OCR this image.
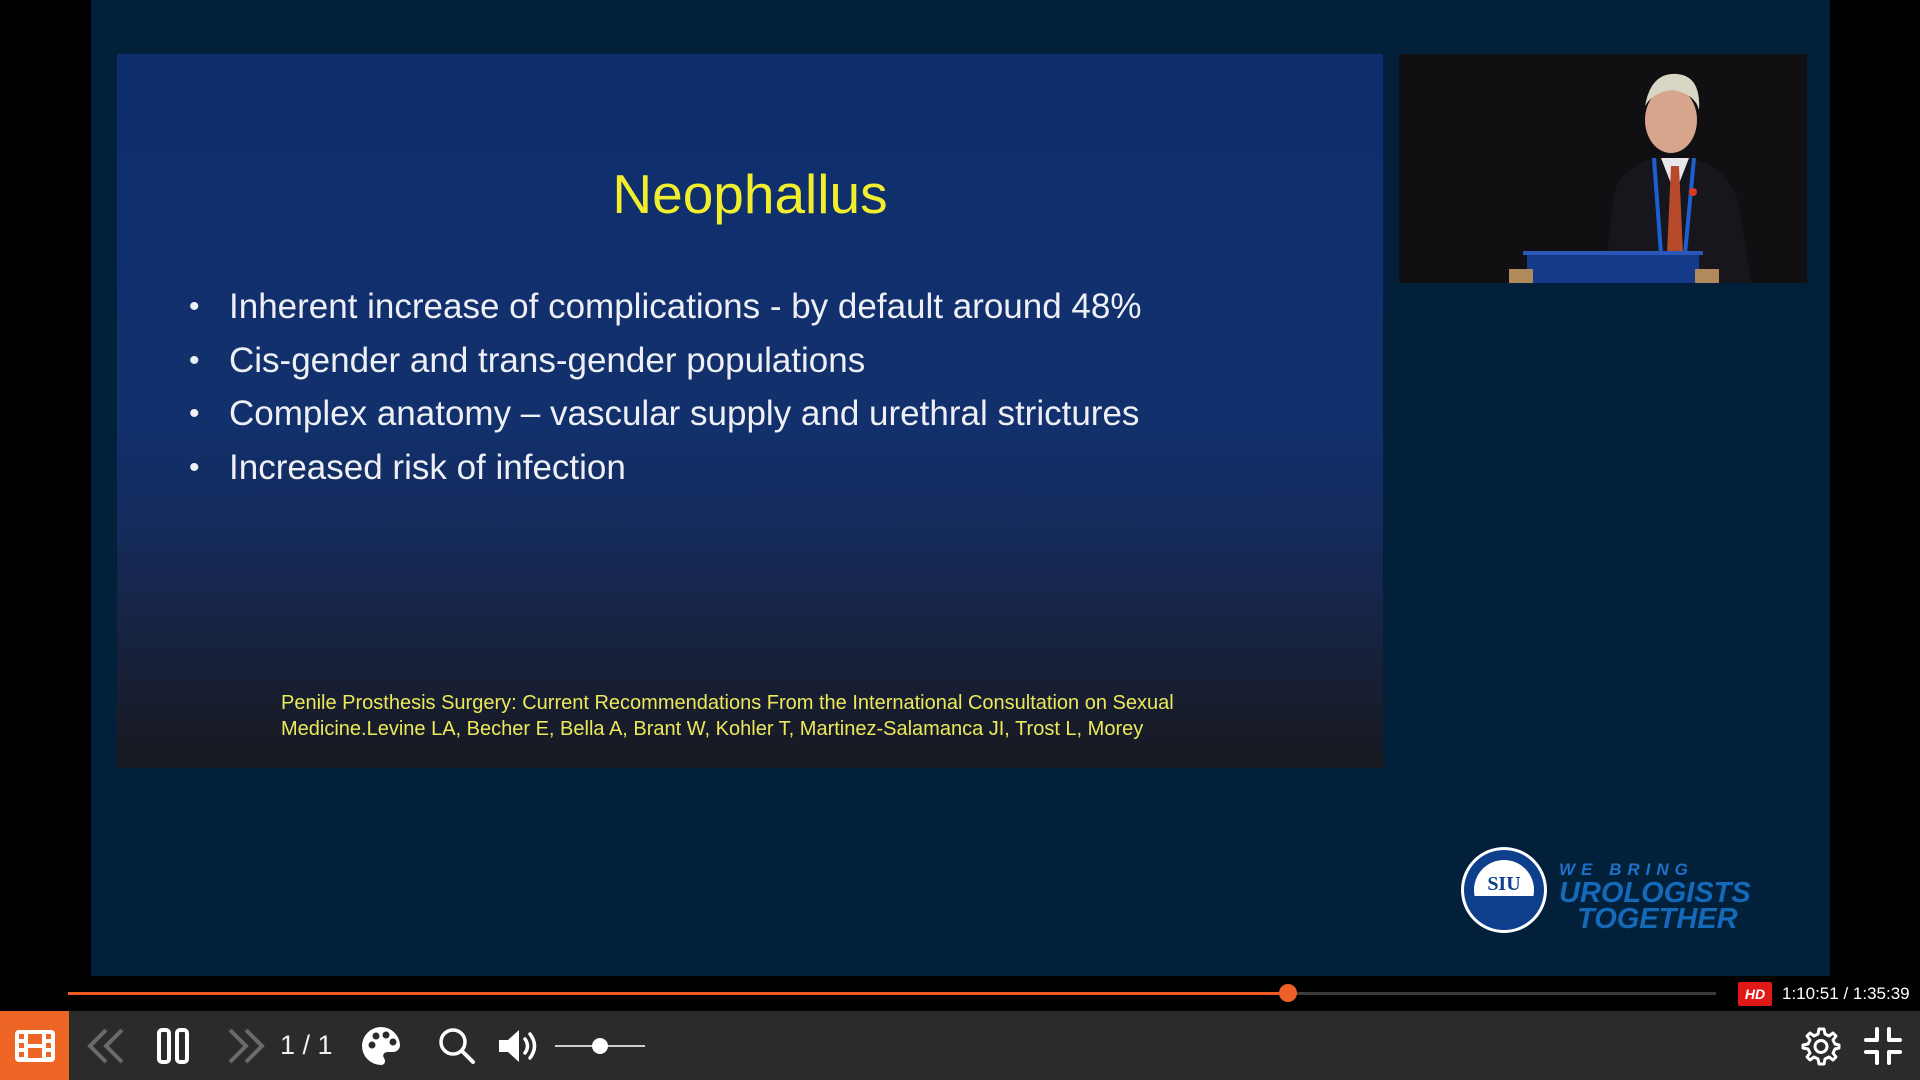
Neophallus
• Inherent increase of complications - by default around 48%
• Cis-gender and trans-gender populations
• Complex anatomy – vascular supply and urethral strictures
• Increased risk of infection
Penile Prosthesis Surgery: Current Recommendations From the International Consultation on Sexual
Medicine.Levine LA, Becher E, Bella A, Brant W, Kohler T, Martinez-Salamanca JI, Trost L, Morey
SIU
WE BRING
UROLOGISTS
TOGETHER
HD 1:10:51 / 1:35:39
1 / 1
